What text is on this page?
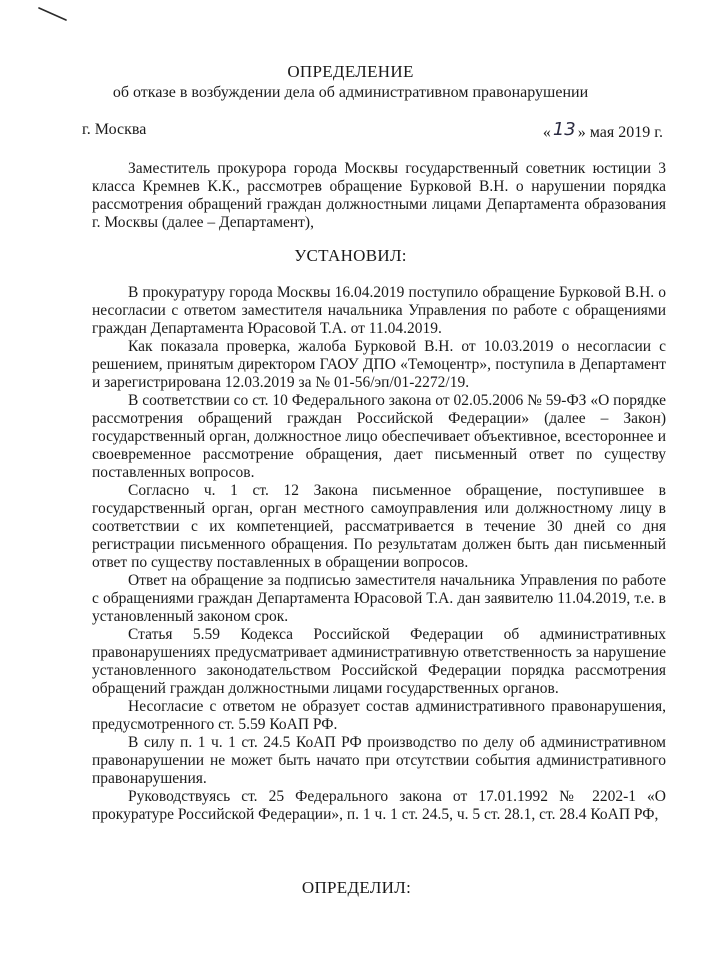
ОПРЕДЕЛЕНИЕ
об отказе в возбуждении дела об административном правонарушении
г. Москва	« 13 » мая 2019 г.
Заместитель прокурора города Москвы государственный советник юстиции 3 класса Кремнев К.К., рассмотрев обращение Бурковой В.Н. о нарушении порядка рассмотрения обращений граждан должностными лицами Департамента образования г. Москвы (далее – Департамент),
УСТАНОВИЛ:

В прокуратуру города Москвы 16.04.2019 поступило обращение Бурковой В.Н. о несогласии с ответом заместителя начальника Управления по работе с обращениями граждан Департамента Юрасовой Т.А. от 11.04.2019.

Как показала проверка, жалоба Бурковой В.Н. от 10.03.2019 о несогласии с решением, принятым директором ГАОУ ДПО «Темоцентр», поступила в Департамент и зарегистрирована 12.03.2019 за № 01-56/эп/01-2272/19.

В соответствии со ст. 10 Федерального закона от 02.05.2006 № 59-ФЗ «О порядке рассмотрения обращений граждан Российской Федерации» (далее – Закон) государственный орган, должностное лицо обеспечивает объективное, всестороннее и своевременное рассмотрение обращения, дает письменный ответ по существу поставленных вопросов.

Согласно ч. 1 ст. 12 Закона письменное обращение, поступившее в государственный орган, орган местного самоуправления или должностному лицу в соответствии с их компетенцией, рассматривается в течение 30 дней со дня регистрации письменного обращения. По результатам должен быть дан письменный ответ по существу поставленных в обращении вопросов.

Ответ на обращение за подписью заместителя начальника Управления по работе с обращениями граждан Департамента Юрасовой Т.А. дан заявителю 11.04.2019, т.е. в установленный законом срок.

Статья 5.59 Кодекса Российской Федерации об административных правонарушениях предусматривает административную ответственность за нарушение установленного законодательством Российской Федерации порядка рассмотрения обращений граждан должностными лицами государственных органов.

Несогласие с ответом не образует состав административного правонарушения, предусмотренного ст. 5.59 КоАП РФ.

В силу п. 1 ч. 1 ст. 24.5 КоАП РФ производство по делу об административном правонарушении не может быть начато при отсутствии события административного правонарушения.

Руководствуясь ст. 25 Федерального закона от 17.01.1992 № 2202-1 «О прокуратуре Российской Федерации», п. 1 ч. 1 ст. 24.5, ч. 5 ст. 28.1, ст. 28.4 КоАП РФ,

ОПРЕДЕЛИЛ:
